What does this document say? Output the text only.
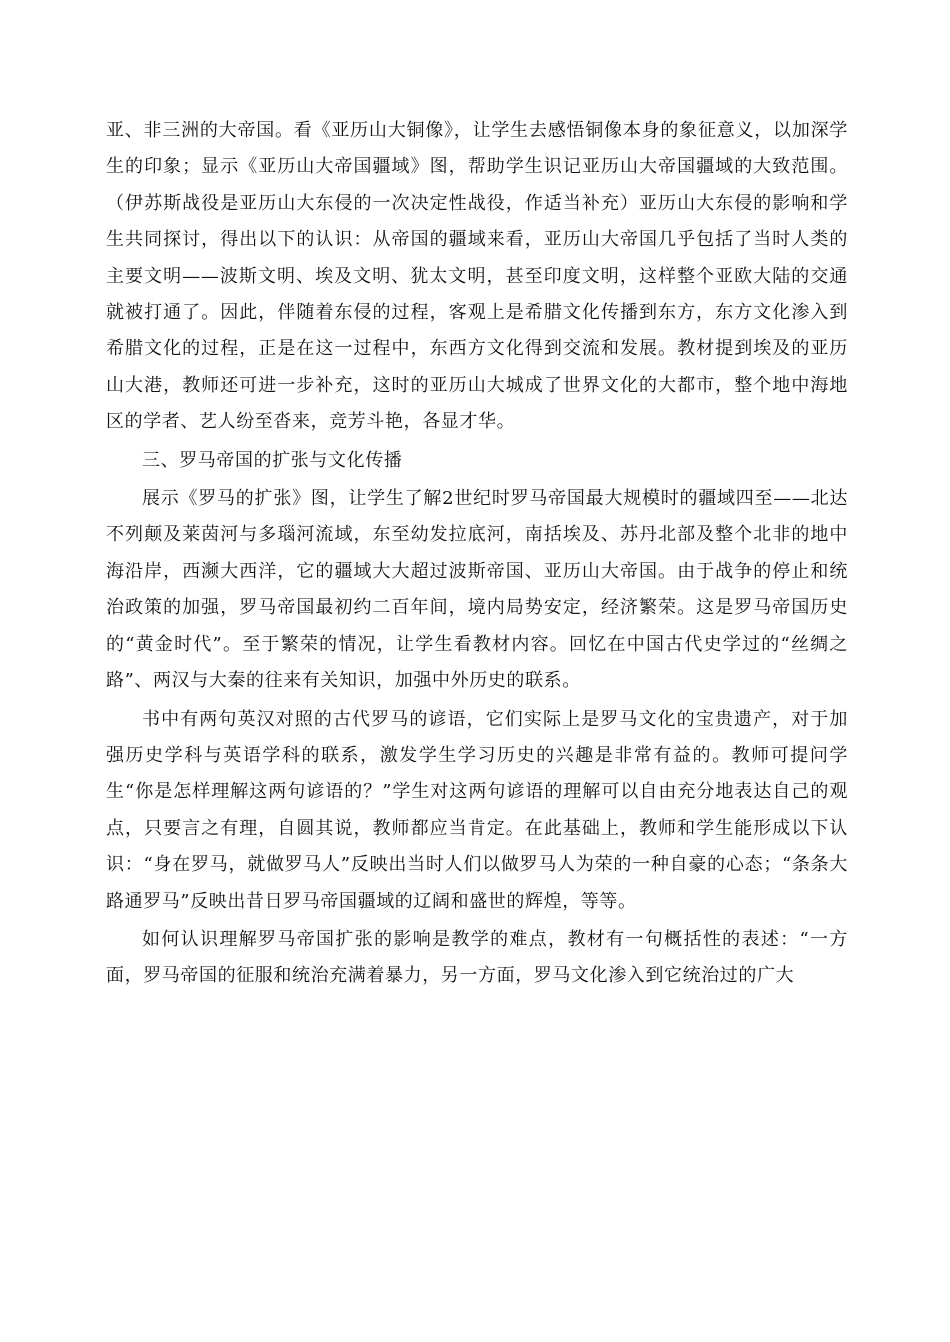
亚、非三洲的大帝国。看《亚历山大铜像》，让学生去感悟铜像本身的象征意义，以加深学生的印象；显示《亚历山大帝国疆域》图，帮助学生识记亚历山大帝国疆域的大致范围。（伊苏斯战役是亚历山大东侵的一次决定性战役，作适当补充）亚历山大东侵的影响和学生共同探讨，得出以下的认识：从帝国的疆域来看，亚历山大帝国几乎包括了当时人类的主要文明——波斯文明、埃及文明、犹太文明，甚至印度文明，这样整个亚欧大陆的交通就被打通了。因此，伴随着东侵的过程，客观上是希腊文化传播到东方，东方文化渗入到希腊文化的过程，正是在这一过程中，东西方文化得到交流和发展。教材提到埃及的亚历山大港，教师还可进一步补充，这时的亚历山大城成了世界文化的大都市，整个地中海地区的学者、艺人纷至沓来，竞芳斗艳，各显才华。

三、罗马帝国的扩张与文化传播

展示《罗马的扩张》图，让学生了解2世纪时罗马帝国最大规模时的疆域四至——北达不列颠及莱茵河与多瑙河流域，东至幼发拉底河，南括埃及、苏丹北部及整个北非的地中海沿岸，西濒大西洋，它的疆域大大超过波斯帝国、亚历山大帝国。由于战争的停止和统治政策的加强，罗马帝国最初约二百年间，境内局势安定，经济繁荣。这是罗马帝国历史的“黄金时代”。至于繁荣的情况，让学生看教材内容。回忆在中国古代史学过的“丝绸之路”、两汉与大秦的往来有关知识，加强中外历史的联系。

书中有两句英汉对照的古代罗马的谚语，它们实际上是罗马文化的宝贵遗产，对于加强历史学科与英语学科的联系，激发学生学习历史的兴趣是非常有益的。教师可提问学生“你是怎样理解这两句谚语的？”学生对这两句谚语的理解可以自由充分地表达自己的观点，只要言之有理，自圆其说，教师都应当肯定。在此基础上，教师和学生能形成以下认识：“身在罗马，就做罗马人”反映出当时人们以做罗马人为荣的一种自豪的心态；“条条大路通罗马”反映出昔日罗马帝国疆域的辽阔和盛世的辉煌，等等。

如何认识理解罗马帝国扩张的影响是教学的难点，教材有一句概括性的表述：“一方面，罗马帝国的征服和统治充满着暴力，另一方面，罗马文化渗入到它统治过的广大
